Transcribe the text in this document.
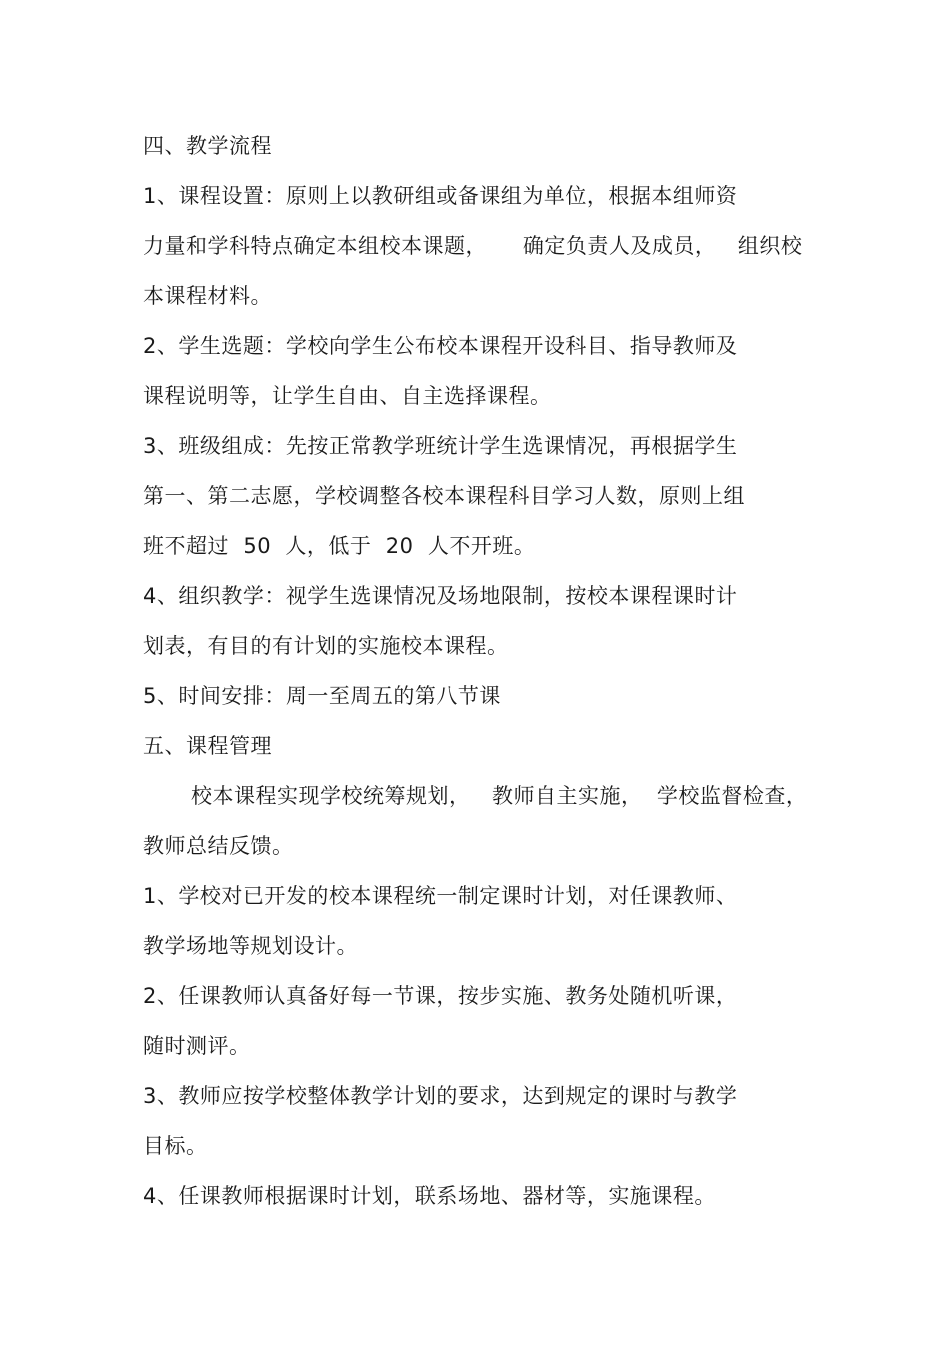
四、教学流程
1、课程设置：原则上以教研组或备课组为单位，根据本组师资
力量和学科特点确定本组校本课题，     确定负责人及成员，   组织校
本课程材料。
2、学生选题：学校向学生公布校本课程开设科目、指导教师及
课程说明等，让学生自由、自主选择课程。
3、班级组成：先按正常教学班统计学生选课情况，再根据学生
第一、第二志愿，学校调整各校本课程科目学习人数，原则上组
班不超过  50  人，低于  20  人不开班。
4、组织教学：视学生选课情况及场地限制，按校本课程课时计
划表，有目的有计划的实施校本课程。
5、时间安排：周一至周五的第八节课
五、课程管理
校本课程实现学校统筹规划，   教师自主实施，  学校监督检查，
教师总结反馈。
1、学校对已开发的校本课程统一制定课时计划，对任课教师、
教学场地等规划设计。
2、任课教师认真备好每一节课，按步实施、教务处随机听课，
随时测评。
3、教师应按学校整体教学计划的要求，达到规定的课时与教学
目标。
4、任课教师根据课时计划，联系场地、器材等，实施课程。
